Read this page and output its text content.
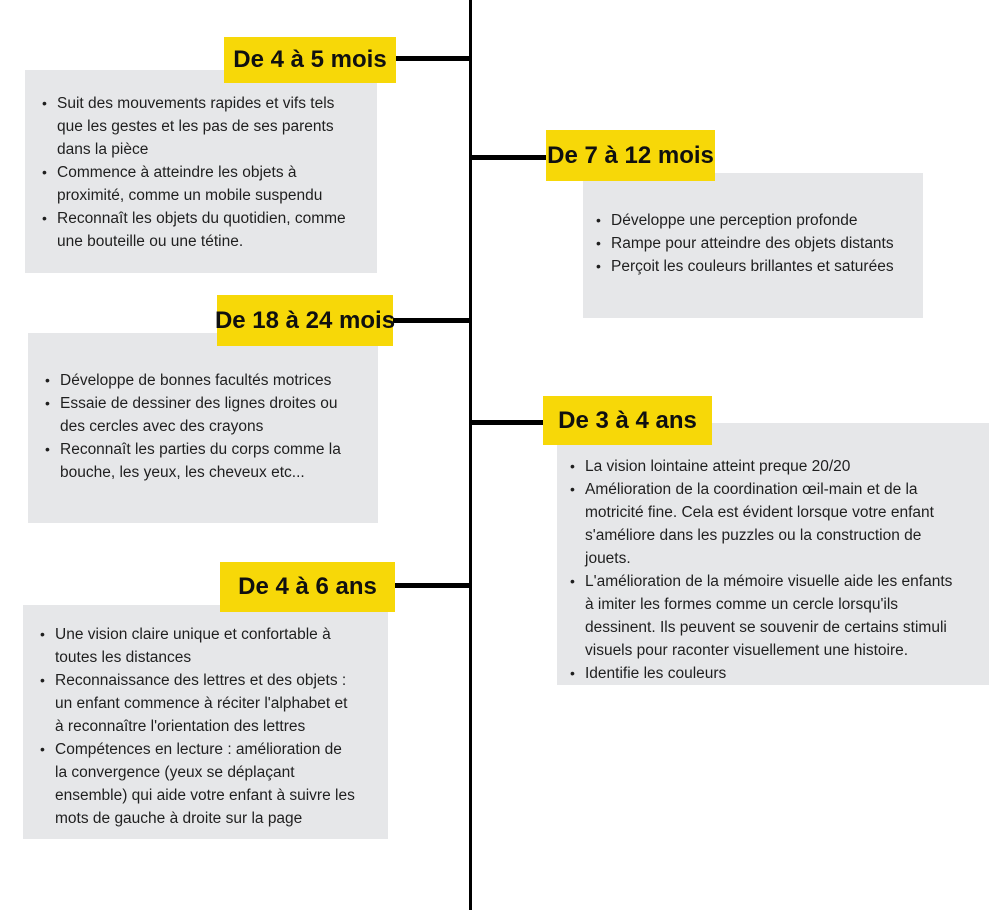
• Suit des mouvements rapides et vifs tels que les gestes et les pas de ses parents dans la pièce
• Commence à atteindre les objets à proximité, comme un mobile suspendu
• Reconnaît les objets du quotidien, comme une bouteille ou une tétine.
De 4 à 5 mois
• Développe une perception profonde
• Rampe pour atteindre des objets distants
• Perçoit les couleurs brillantes et saturées
De 7 à 12 mois
• Développe de bonnes facultés motrices
• Essaie de dessiner des lignes droites ou des cercles avec des crayons
• Reconnaît les parties du corps comme la bouche, les yeux, les cheveux etc...
De 18 à 24 mois
• La vision lointaine atteint preque 20/20
• Amélioration de la coordination œil-main et de la motricité fine. Cela est évident lorsque votre enfant s'améliore dans les puzzles ou la construction de jouets.
• L'amélioration de la mémoire visuelle aide les enfants à imiter les formes comme un cercle lorsqu'ils dessinent. Ils peuvent se souvenir de certains stimuli visuels pour raconter visuellement une histoire.
• Identifie les couleurs
De 3 à 4 ans
• Une vision claire unique et confortable à toutes les distances
• Reconnaissance des lettres et des objets : un enfant commence à réciter l'alphabet et à reconnaître l'orientation des lettres
• Compétences en lecture : amélioration de la convergence (yeux se déplaçant ensemble) qui aide votre enfant à suivre les mots de gauche à droite sur la page
De 4 à 6 ans
